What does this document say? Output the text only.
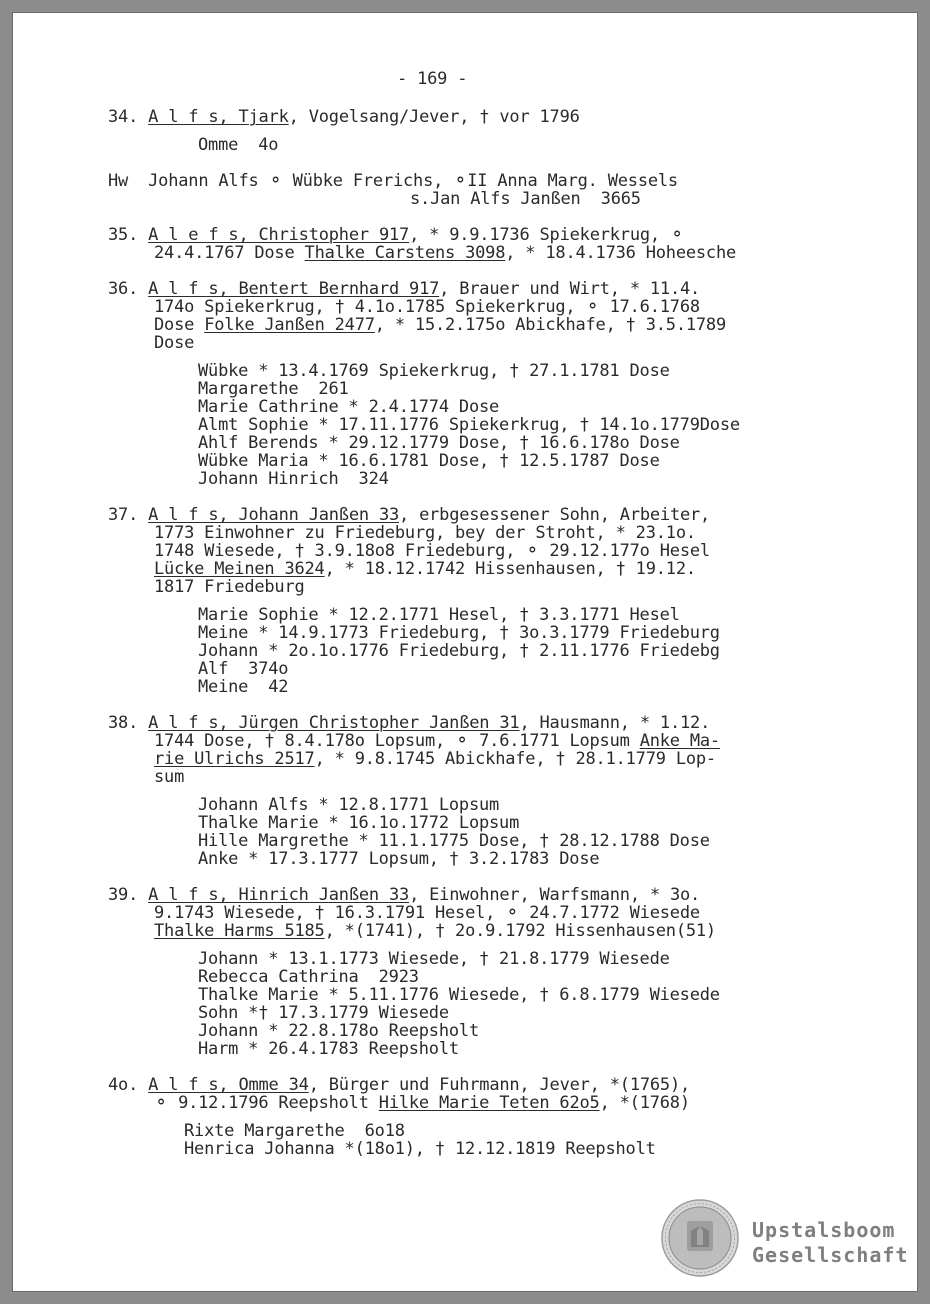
- 169 -
34. A l f s, Tjark, Vogelsang/Jever, † vor 1796
Omme  4o
Hw  Johann Alfs ⚬ Wübke Frerichs, ⚬II Anna Marg. Wessels
s.Jan Alfs Janßen  3665
35. A l e f s, Christopher 917, * 9.9.1736 Spiekerkrug, ⚬
24.4.1767 Dose Thalke Carstens 3098, * 18.4.1736 Hoheesche
36. A l f s, Bentert Bernhard 917, Brauer und Wirt, * 11.4.
174o Spiekerkrug, † 4.1o.1785 Spiekerkrug, ⚬ 17.6.1768
Dose Folke Janßen 2477, * 15.2.175o Abickhafe, † 3.5.1789
Dose
Wübke * 13.4.1769 Spiekerkrug, † 27.1.1781 Dose
Margarethe  261
Marie Cathrine * 2.4.1774 Dose
Almt Sophie * 17.11.1776 Spiekerkrug, † 14.1o.1779Dose
Ahlf Berends * 29.12.1779 Dose, † 16.6.178o Dose
Wübke Maria * 16.6.1781 Dose, † 12.5.1787 Dose
Johann Hinrich  324
37. A l f s, Johann Janßen 33, erbgesessener Sohn, Arbeiter,
1773 Einwohner zu Friedeburg, bey der Stroht, * 23.1o.
1748 Wiesede, † 3.9.18o8 Friedeburg, ⚬ 29.12.177o Hesel
Lücke Meinen 3624, * 18.12.1742 Hissenhausen, † 19.12.
1817 Friedeburg
Marie Sophie * 12.2.1771 Hesel, † 3.3.1771 Hesel
Meine * 14.9.1773 Friedeburg, † 3o.3.1779 Friedeburg
Johann * 2o.1o.1776 Friedeburg, † 2.11.1776 Friedebg
Alf  374o
Meine  42
38. A l f s, Jürgen Christopher Janßen 31, Hausmann, * 1.12.
1744 Dose, † 8.4.178o Lopsum, ⚬ 7.6.1771 Lopsum Anke Ma-
rie Ulrichs 2517, * 9.8.1745 Abickhafe, † 28.1.1779 Lop-
sum
Johann Alfs * 12.8.1771 Lopsum
Thalke Marie * 16.1o.1772 Lopsum
Hille Margrethe * 11.1.1775 Dose, † 28.12.1788 Dose
Anke * 17.3.1777 Lopsum, † 3.2.1783 Dose
39. A l f s, Hinrich Janßen 33, Einwohner, Warfsmann, * 3o.
9.1743 Wiesede, † 16.3.1791 Hesel, ⚬ 24.7.1772 Wiesede
Thalke Harms 5185, *(1741), † 2o.9.1792 Hissenhausen(51)
Johann * 13.1.1773 Wiesede, † 21.8.1779 Wiesede
Rebecca Cathrina  2923
Thalke Marie * 5.11.1776 Wiesede, † 6.8.1779 Wiesede
Sohn *† 17.3.1779 Wiesede
Johann * 22.8.178o Reepsholt
Harm * 26.4.1783 Reepsholt
4o. A l f s, Omme 34, Bürger und Fuhrmann, Jever, *(1765),
⚬ 9.12.1796 Reepsholt Hilke Marie Teten 62o5, *(1768)
Rixte Margarethe  6o18
Henrica Johanna *(18o1), † 12.12.1819 Reepsholt
Upstalsboom
Gesellschaft
